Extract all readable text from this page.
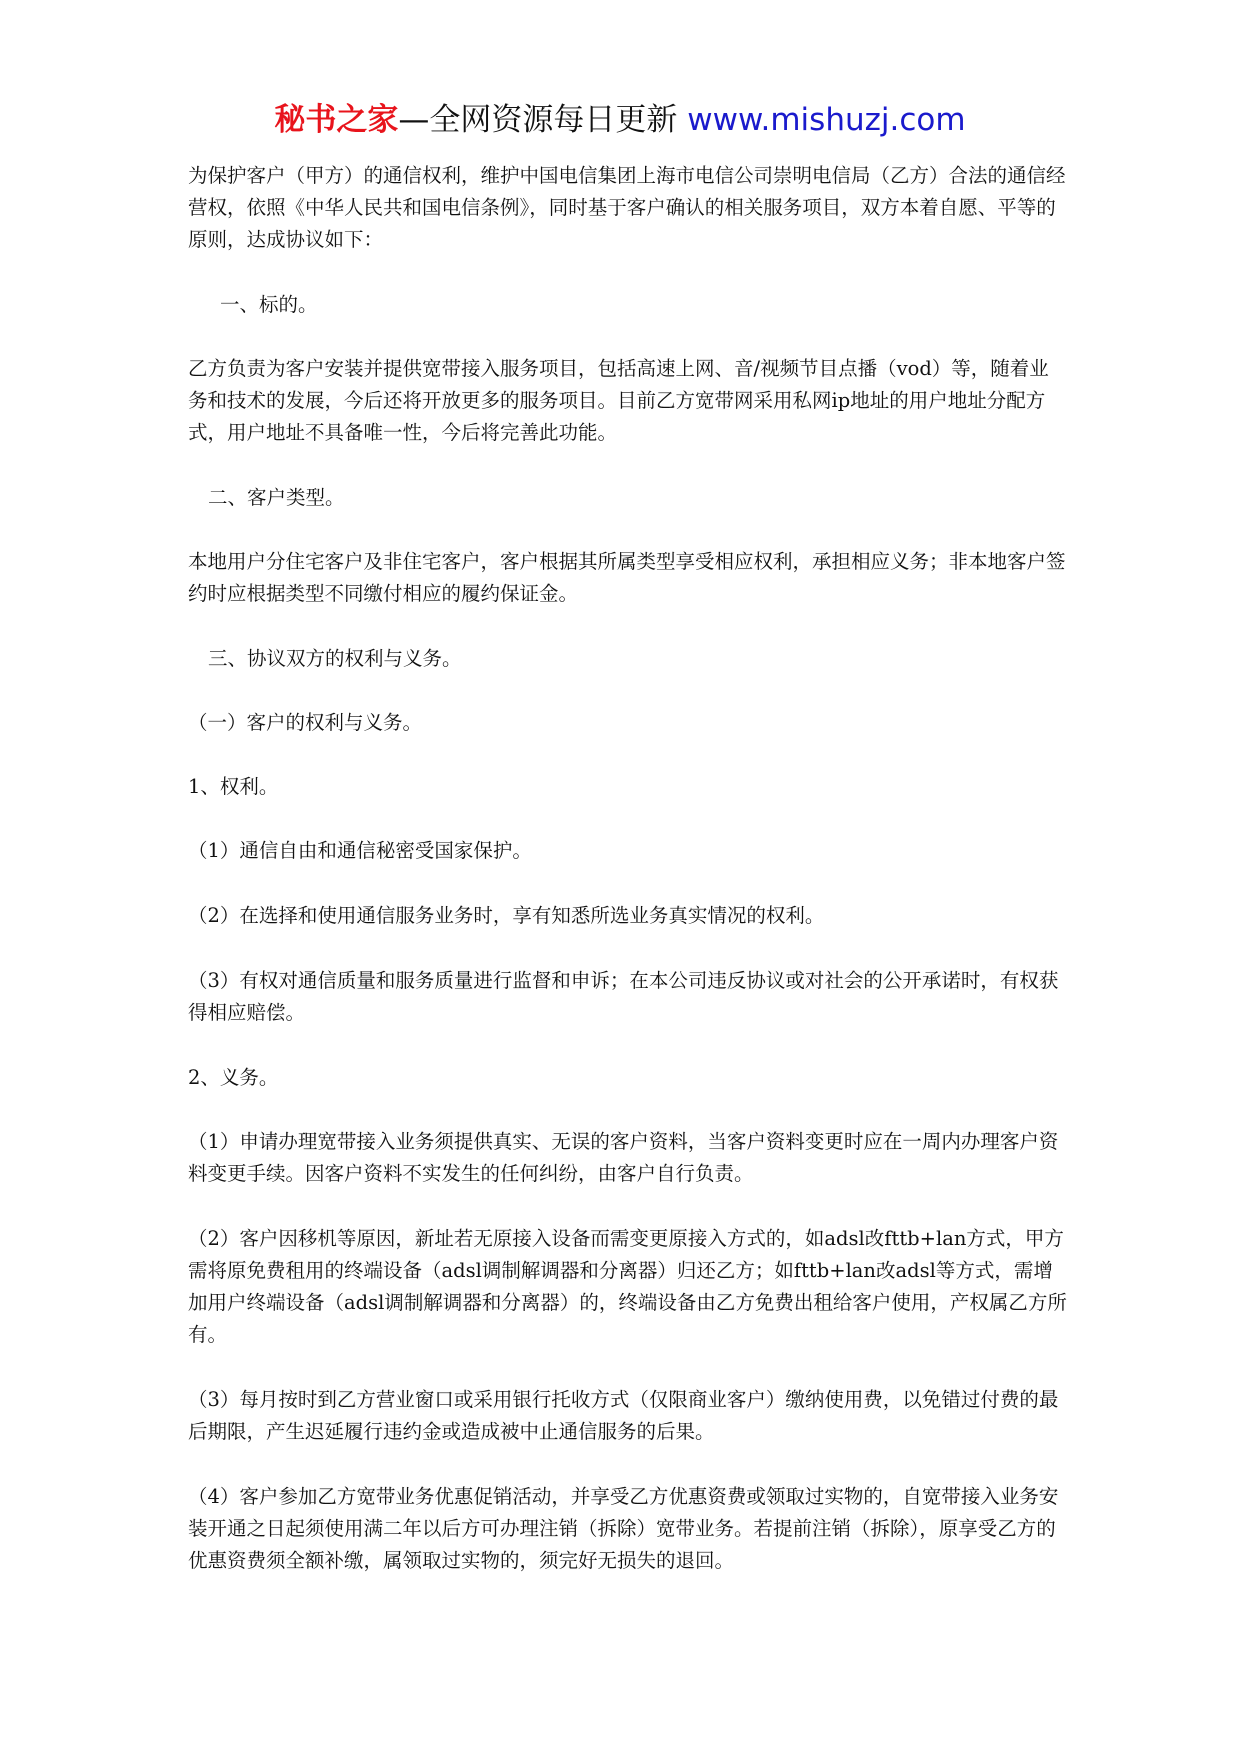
秘书之家—全网资源每日更新 www.mishuzj.com

为保护客户（甲方）的通信权利，维护中国电信集团上海市电信公司崇明电信局（乙方）合法的通信经营权，依照《中华人民共和国电信条例》，同时基于客户确认的相关服务项目，双方本着自愿、平等的原则，达成协议如下：

一、标的。

乙方负责为客户安装并提供宽带接入服务项目，包括高速上网、音/视频节目点播（vod）等，随着业务和技术的发展，今后还将开放更多的服务项目。目前乙方宽带网采用私网ip地址的用户地址分配方式，用户地址不具备唯一性，今后将完善此功能。

二、客户类型。

本地用户分住宅客户及非住宅客户，客户根据其所属类型享受相应权利，承担相应义务；非本地客户签约时应根据类型不同缴付相应的履约保证金。

三、协议双方的权利与义务。

（一）客户的权利与义务。

1、权利。

（1）通信自由和通信秘密受国家保护。

（2）在选择和使用通信服务业务时，享有知悉所选业务真实情况的权利。

（3）有权对通信质量和服务质量进行监督和申诉；在本公司违反协议或对社会的公开承诺时，有权获得相应赔偿。

2、义务。

（1）申请办理宽带接入业务须提供真实、无误的客户资料，当客户资料变更时应在一周内办理客户资料变更手续。因客户资料不实发生的任何纠纷，由客户自行负责。

（2）客户因移机等原因，新址若无原接入设备而需变更原接入方式的，如adsl改fttb+lan方式，甲方需将原免费租用的终端设备（adsl调制解调器和分离器）归还乙方；如fttb+lan改adsl等方式，需增加用户终端设备（adsl调制解调器和分离器）的，终端设备由乙方免费出租给客户使用，产权属乙方所有。

（3）每月按时到乙方营业窗口或采用银行托收方式（仅限商业客户）缴纳使用费，以免错过付费的最后期限，产生迟延履行违约金或造成被中止通信服务的后果。

（4）客户参加乙方宽带业务优惠促销活动，并享受乙方优惠资费或领取过实物的，自宽带接入业务安装开通之日起须使用满二年以后方可办理注销（拆除）宽带业务。若提前注销（拆除），原享受乙方的优惠资费须全额补缴，属领取过实物的，须完好无损失的退回。
